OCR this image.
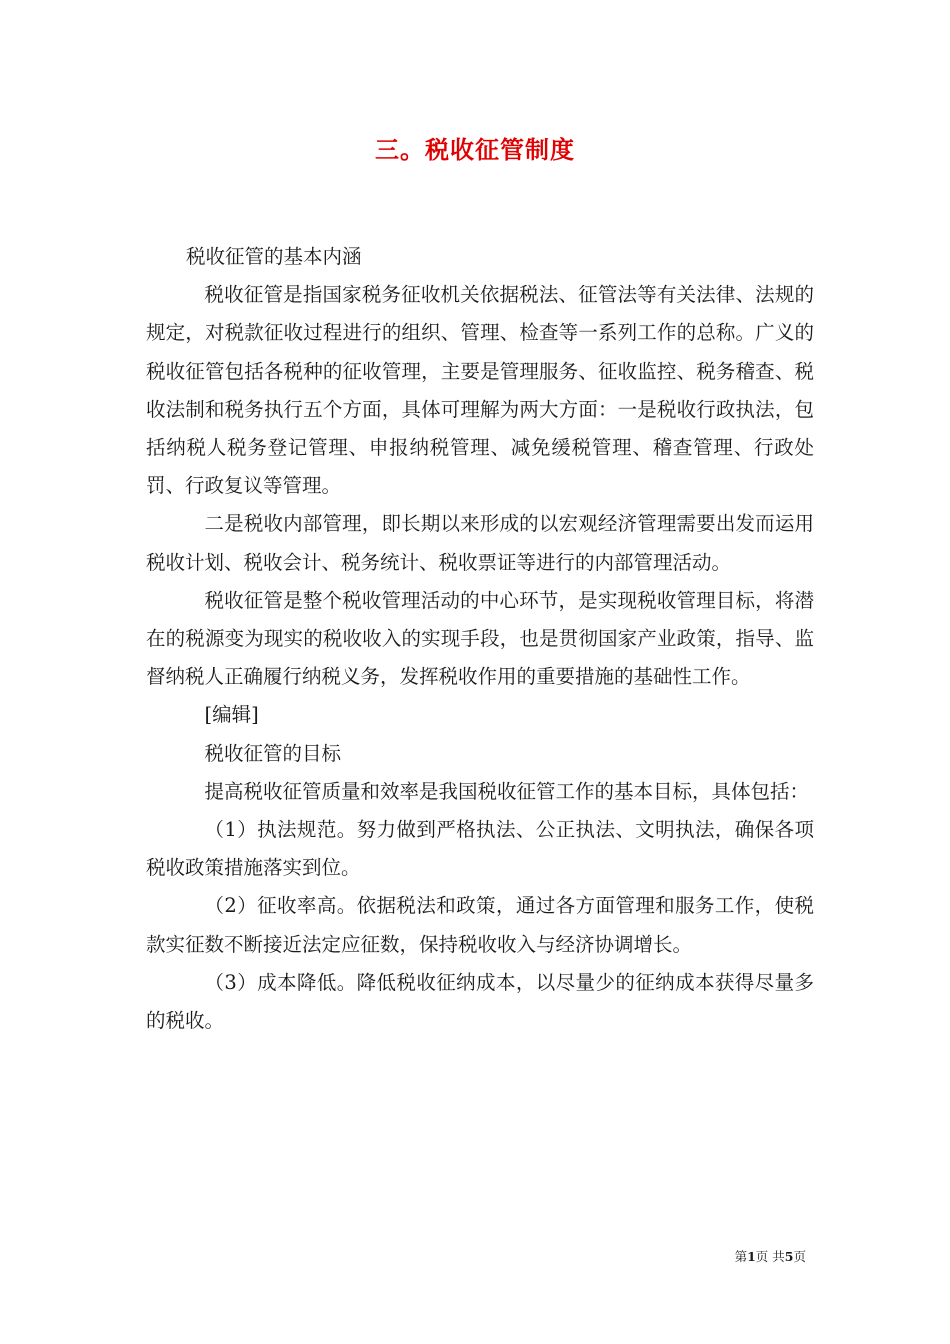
三。税收征管制度

税收征管的基本内涵

税收征管是指国家税务征收机关依据税法、征管法等有关法律、法规的规定，对税款征收过程进行的组织、管理、检查等一系列工作的总称。广义的税收征管包括各税种的征收管理，主要是管理服务、征收监控、税务稽查、税收法制和税务执行五个方面，具体可理解为两大方面：一是税收行政执法，包括纳税人税务登记管理、申报纳税管理、减免缓税管理、稽查管理、行政处罚、行政复议等管理。

二是税收内部管理，即长期以来形成的以宏观经济管理需要出发而运用税收计划、税收会计、税务统计、税收票证等进行的内部管理活动。

税收征管是整个税收管理活动的中心环节，是实现税收管理目标，将潜在的税源变为现实的税收收入的实现手段，也是贯彻国家产业政策，指导、监督纳税人正确履行纳税义务，发挥税收作用的重要措施的基础性工作。

[编辑]

税收征管的目标

提高税收征管质量和效率是我国税收征管工作的基本目标，具体包括：

（1）执法规范。努力做到严格执法、公正执法、文明执法，确保各项税收政策措施落实到位。

（2）征收率高。依据税法和政策，通过各方面管理和服务工作，使税款实征数不断接近法定应征数，保持税收收入与经济协调增长。

（3）成本降低。降低税收征纳成本，以尽量少的征纳成本获得尽量多的税收。

第1页 共5页
